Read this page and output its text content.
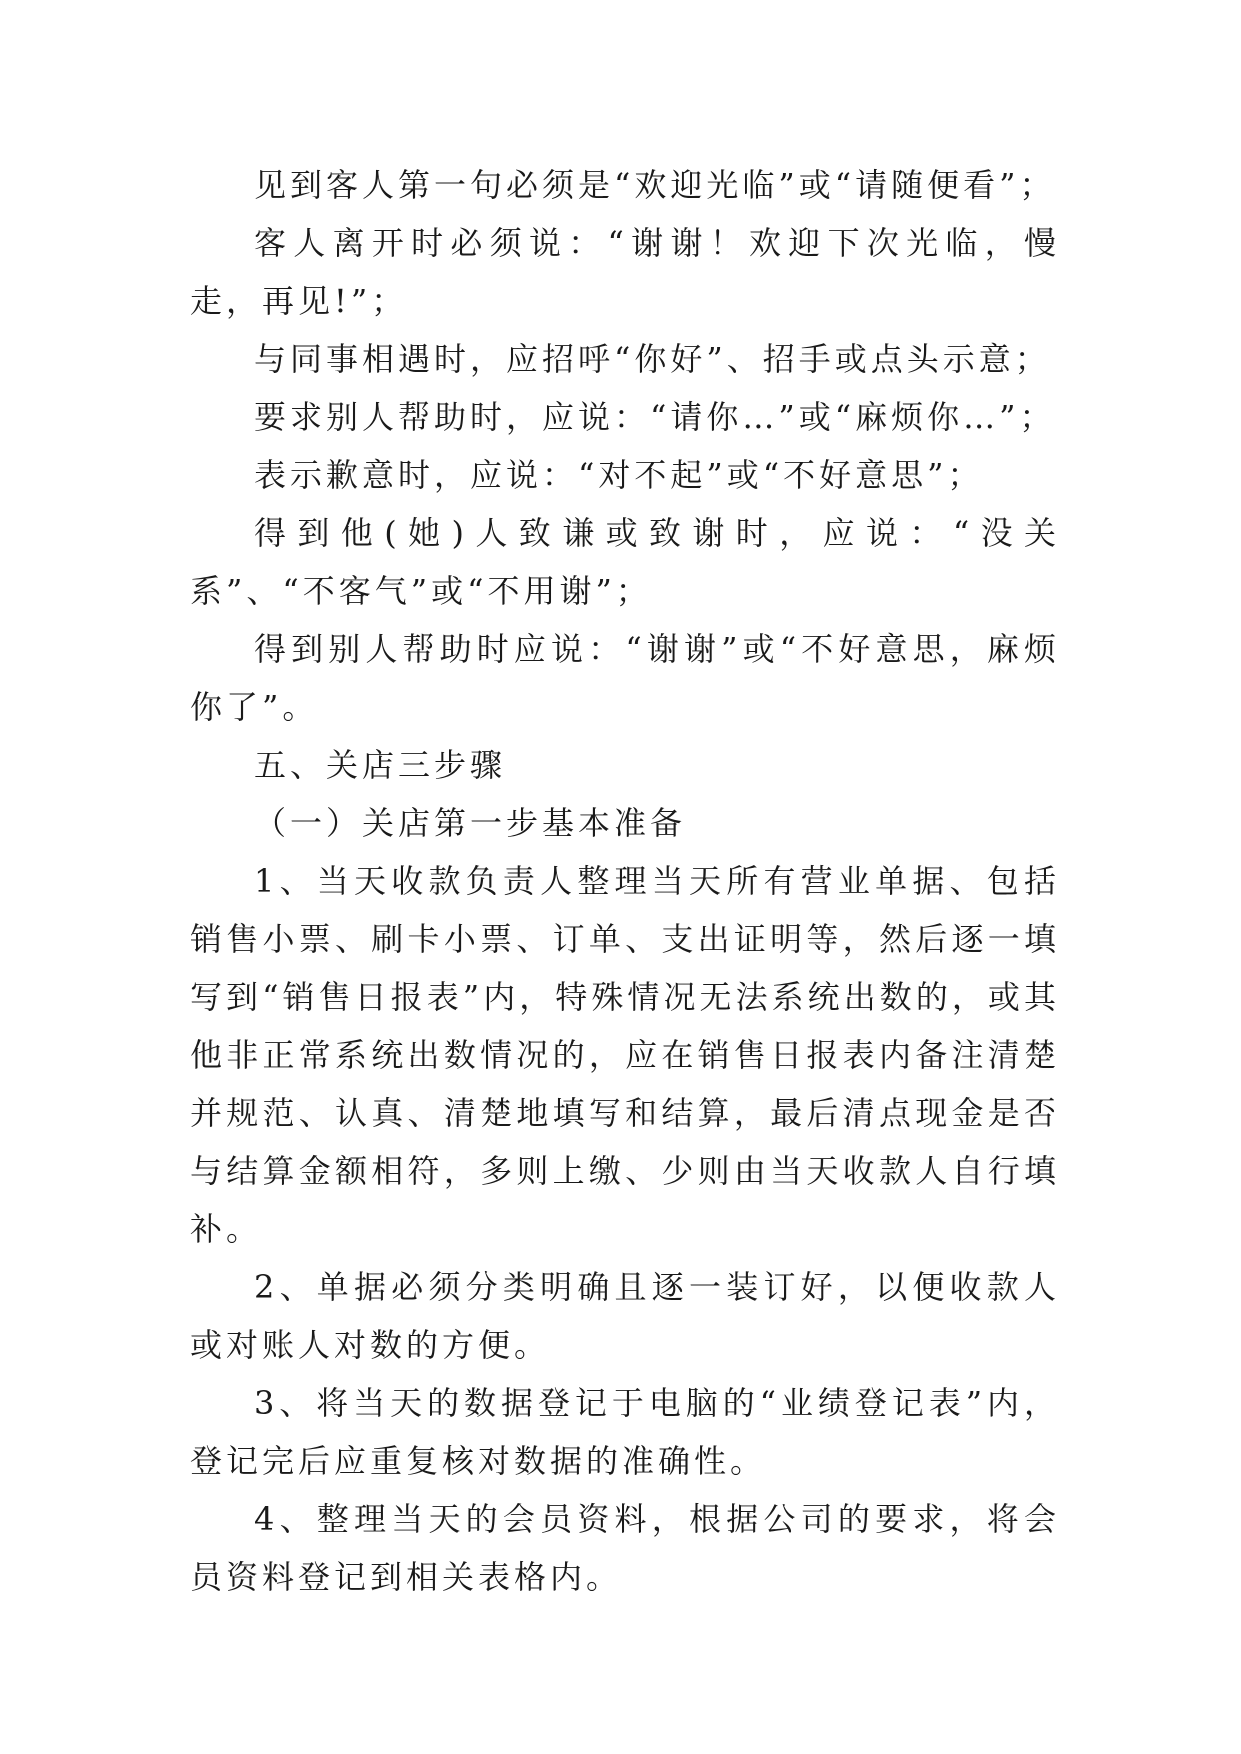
见到客人第一句必须是“欢迎光临”或“请随便看”；

客人离开时必须说：“谢谢！欢迎下次光临，慢走，再见!”；

与同事相遇时，应招呼“你好”、招手或点头示意；

要求别人帮助时，应说：“请你…”或“麻烦你…”；

表示歉意时，应说：“对不起”或“不好意思”；

得到他(她)人致谦或致谢时，应说：“没关系”、“不客气”或“不用谢”；

得到别人帮助时应说：“谢谢”或“不好意思，麻烦你了”。

五、关店三步骤

（一）关店第一步基本准备

1、当天收款负责人整理当天所有营业单据、包括销售小票、刷卡小票、订单、支出证明等，然后逐一填写到“销售日报表”内，特殊情况无法系统出数的，或其他非正常系统出数情况的，应在销售日报表内备注清楚并规范、认真、清楚地填写和结算，最后清点现金是否与结算金额相符，多则上缴、少则由当天收款人自行填补。

2、单据必须分类明确且逐一装订好，以便收款人或对账人对数的方便。

3、将当天的数据登记于电脑的“业绩登记表”内，登记完后应重复核对数据的准确性。

4、整理当天的会员资料，根据公司的要求，将会员资料登记到相关表格内。
